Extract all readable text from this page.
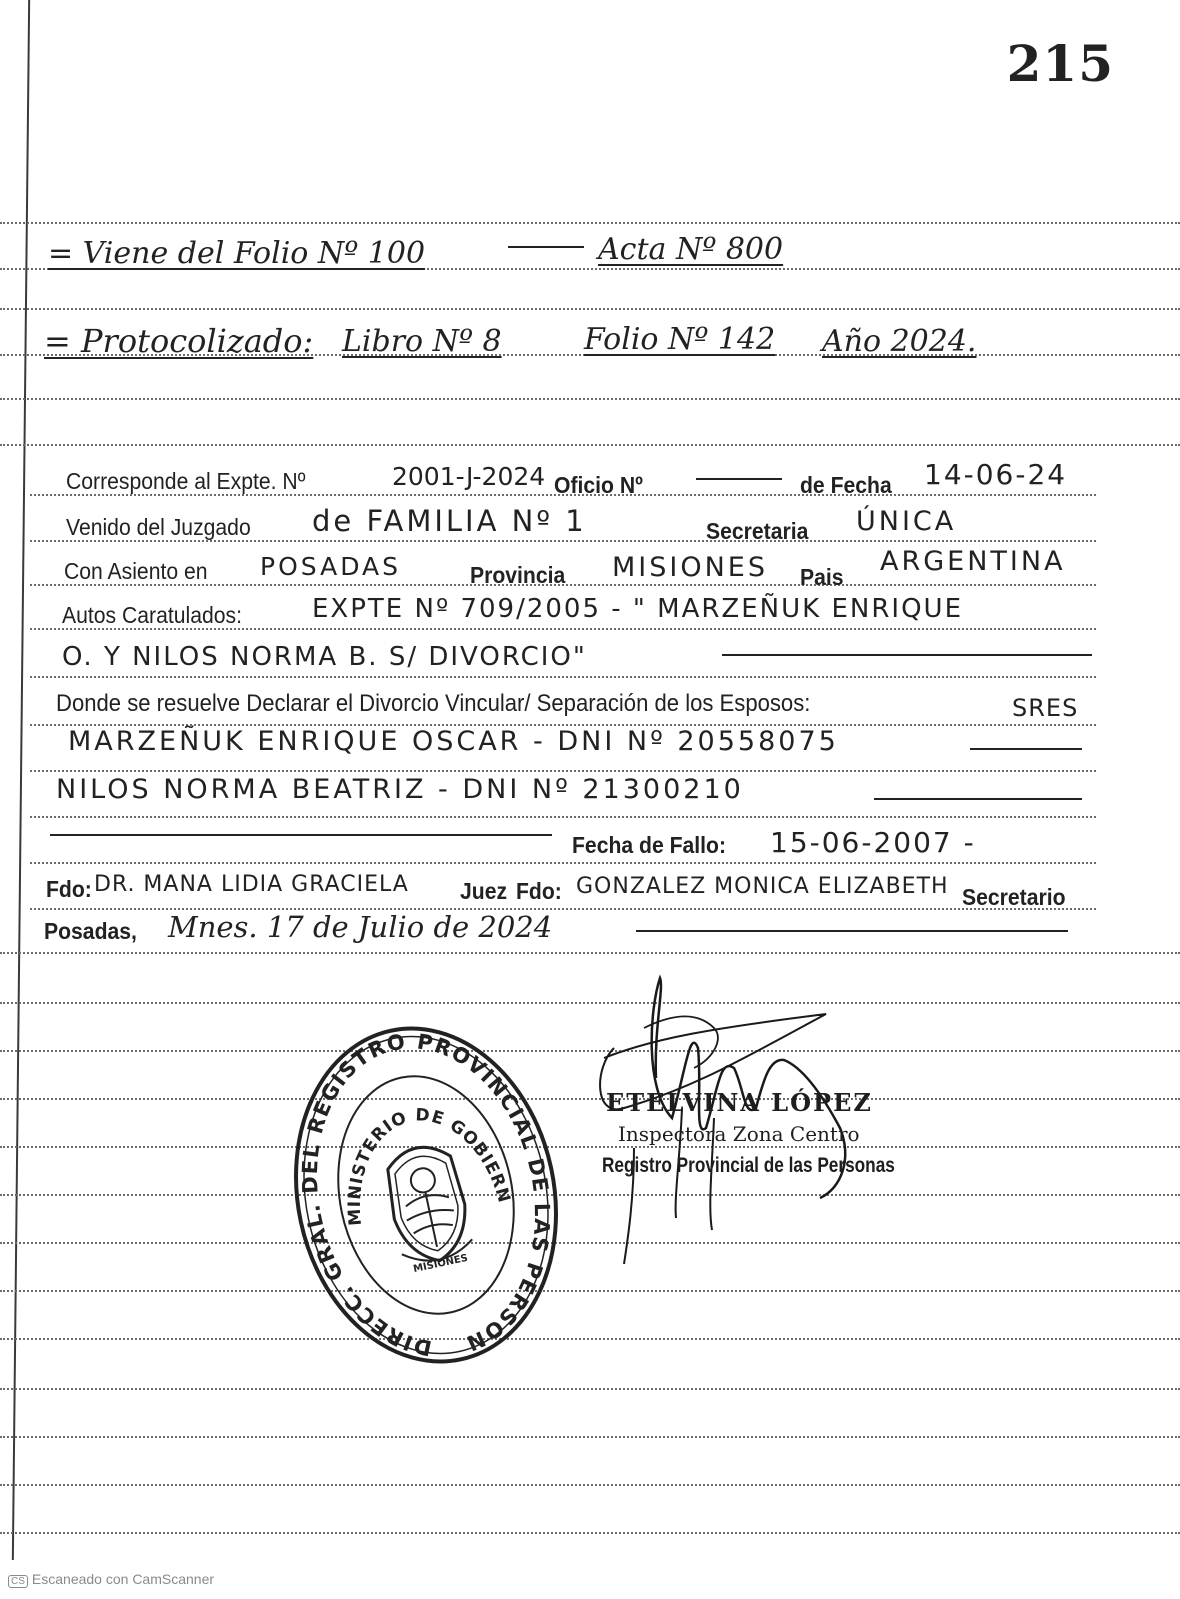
215
= Viene del Folio Nº 100	Acta Nº 800
= Protocolizado: Libro Nº 8	Folio Nº 142 Año 2024.
Corresponde al Expte. Nº	2001-J-2024 Oficio Nº	de Fecha 14-06-24
Venido del Juzgado de FAMILIA Nº 1	Secretaria ÚNICA
Con Asiento en POSADAS	Provincia MISIONES Pais ARGENTINA
Autos Caratulados:	EXPTE Nº 709/2005 - " MARZEÑUK ENRIQUE
O. Y NILOS NORMA B. S/ DIVORCIO"
Donde se resuelve Declarar el Divorcio Vincular/ Separación de los Esposos:	SRES
MARZEÑUK ENRIQUE OSCAR - DNI Nº 20558075
NILOS NORMA BEATRIZ - DNI Nº 21300210
Fecha de Fallo: 15-06-2007 -
Fdo: DR. MANA LIDIA GRACIELA Juez Fdo: GONZALEZ MONICA ELIZABETH Secretario
Posadas, Mnes. 17 de Julio de 2024
DIRECC. GRAL. DEL REGISTRO PROVINCIAL DE LAS PERSONAS
MINISTERIO DE GOBIERNO
MISIONES
ETELVINA LÓPEZ
Inspectora Zona Centro
Registro Provincial de las Personas
CS Escaneado con CamScanner
